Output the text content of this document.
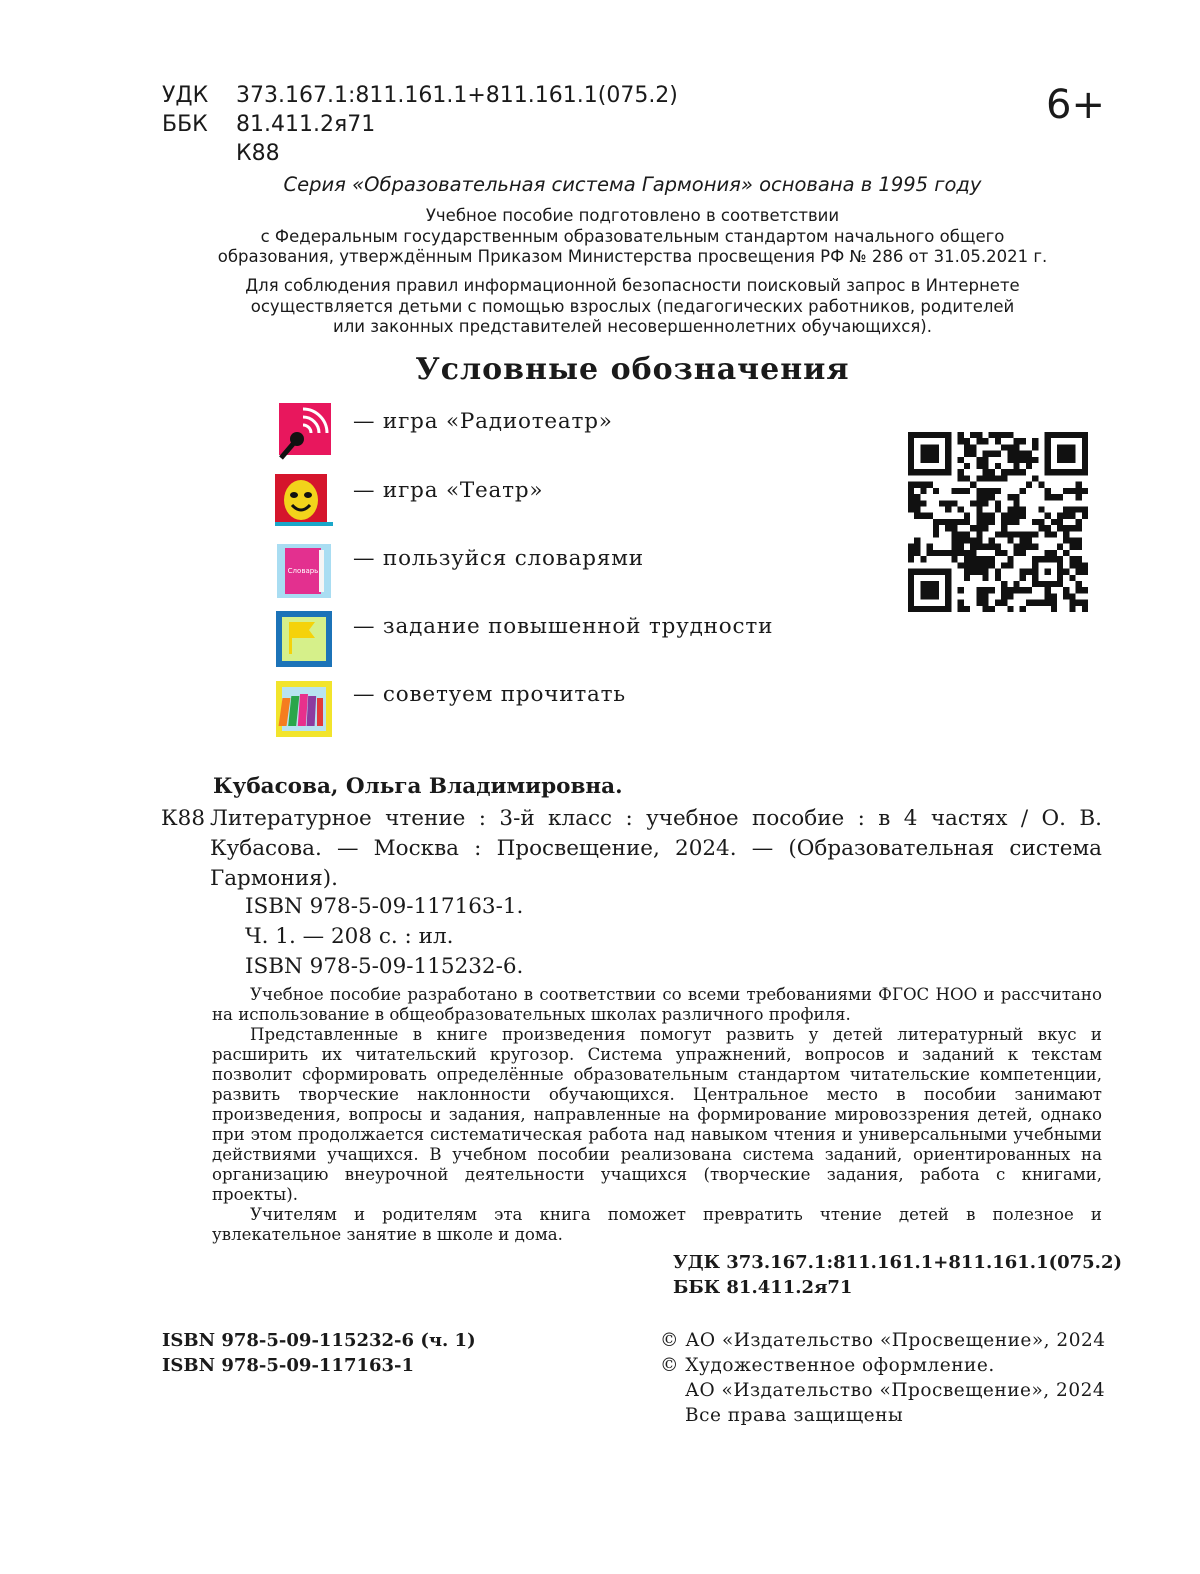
УДК 373.167.1:811.161.1+811.161.1(075.2)
ББК 81.411.2я71
К88
6+
Серия «Образовательная система Гармония» основана в 1995 году
Учебное пособие подготовлено в соответствии
с Федеральным государственным образовательным стандартом начального общего
образования, утверждённым Приказом Министерства просвещения РФ № 286 от 31.05.2021 г.
Для соблюдения правил информационной безопасности поисковый запрос в Интернете
осуществляется детьми с помощью взрослых (педагогических работников, родителей
или законных представителей несовершеннолетних обучающихся).
Условные обозначения
— игра «Радиотеатр»
— игра «Театр»
Словарь — пользуйся словарями
— задание повышенной трудности
— советуем прочитать
Кубасова, Ольга Владимировна.
К88 Литературное чтение : 3-й класс : учебное пособие : в 4 частях / О. В. Кубасова. — Москва : Просвещение, 2024. — (Образовательная система Гармония).
ISBN 978-5-09-117163-1.
Ч. 1. — 208 с. : ил.
ISBN 978-5-09-115232-6.

Учебное пособие разработано в соответствии со всеми требованиями ФГОС НОО и рассчитано на использование в общеобразовательных школах различного профиля.

Представленные в книге произведения помогут развить у детей литературный вкус и расширить их читательский кругозор. Система упражнений, вопросов и заданий к текстам позволит сформировать определённые образовательным стандартом читательские компетенции, развить творческие наклонности обучающихся. Центральное место в пособии занимают произведения, вопросы и задания, направленные на формирование мировоззрения детей, однако при этом продолжается систематическая работа над навыком чтения и универсальными учебными действиями учащихся. В учебном пособии реализована система заданий, ориентированных на организацию внеурочной деятельности учащихся (творческие задания, работа с книгами, проекты).

Учителям и родителям эта книга поможет превратить чтение детей в полезное и увлекательное занятие в школе и дома.

УДК 373.167.1:811.161.1+811.161.1(075.2)
ББК 81.411.2я71
ISBN 978-5-09-115232-6 (ч. 1)
ISBN 978-5-09-117163-1
© АО «Издательство «Просвещение», 2024
© Художественное оформление.
АО «Издательство «Просвещение», 2024
Все права защищены
